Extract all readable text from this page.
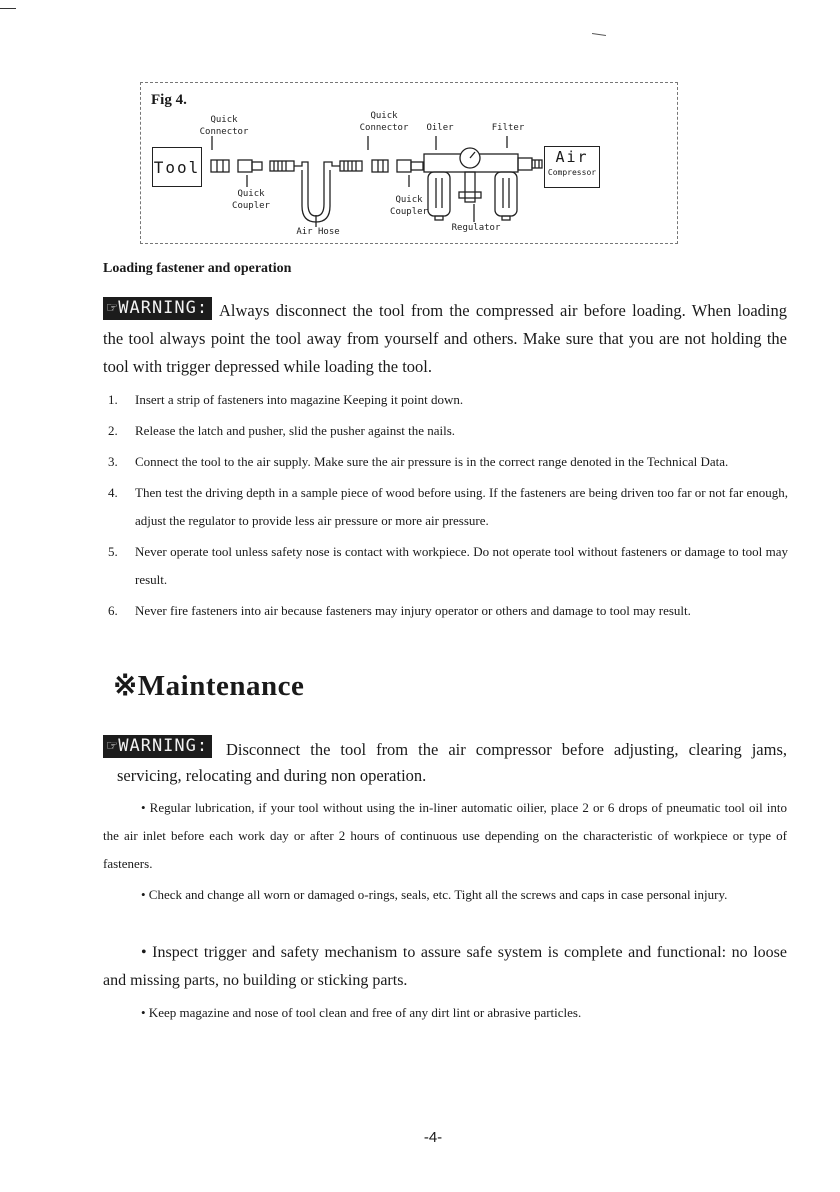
Fig 4.
Quick
Connector
Quick
Connector	Oiler	Filter
Tool
Air
Compressor
Quick
Coupler
Quick
Coupler
Air Hose	Regulator
Loading fastener and operation
☞WARNING: Always disconnect the tool from the compressed air before loading. When loading
the tool always point the tool away from yourself and others. Make sure that you are not holding the tool with trigger depressed while loading the tool.
1.	Insert a strip of fasteners into magazine Keeping it point down.
2.	Release the latch and pusher, slid the pusher against the nails.
3.	Connect the tool to the air supply. Make sure the air pressure is in the correct range denoted in the Technical Data.
4.	Then test the driving depth in a sample piece of wood before using. If the fasteners are being driven too far or not far enough, adjust the regulator to provide less air pressure or more air pressure.
5.	Never operate tool unless safety nose is contact with workpiece. Do not operate tool without fasteners or damage to tool may result.
6.	Never fire fasteners into air because fasteners may injury operator or others and damage to tool may result.
※Maintenance
☞WARNING: Disconnect the tool from the air compressor before adjusting, clearing jams,
servicing, relocating and during non operation.
• Regular lubrication, if your tool without using the in-liner automatic oilier, place 2 or 6 drops of pneumatic tool oil into the air inlet before each work day or after 2 hours of continuous use depending on the characteristic of workpiece or type of fasteners.
• Check and change all worn or damaged o-rings, seals, etc. Tight all the screws and caps in case personal injury.
• Inspect trigger and safety mechanism to assure safe system is complete and functional: no loose and missing parts, no building or sticking parts.
• Keep magazine and nose of tool clean and free of any dirt lint or abrasive particles.
-4-
